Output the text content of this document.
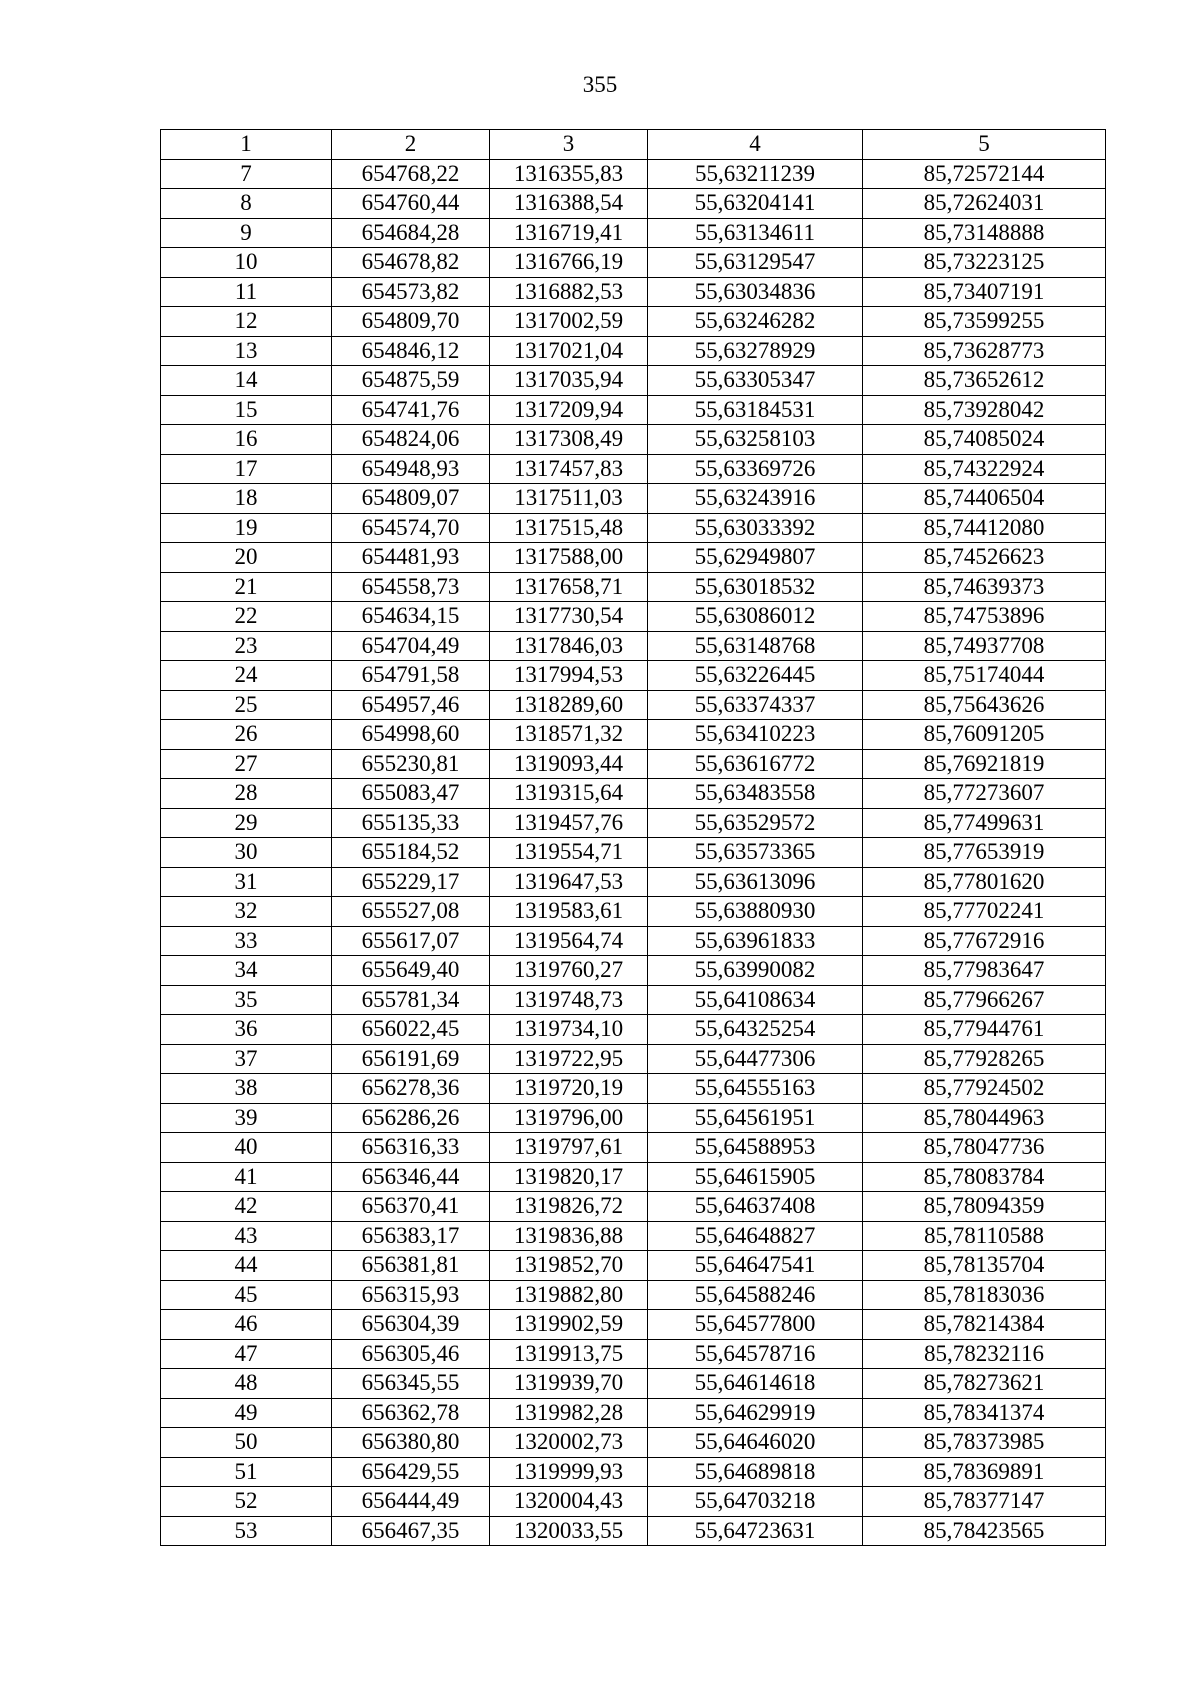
355
1	2	3	4	5
7	654768,22	1316355,83	55,63211239	85,72572144
8	654760,44	1316388,54	55,63204141	85,72624031
9	654684,28	1316719,41	55,63134611	85,73148888
10	654678,82	1316766,19	55,63129547	85,73223125
11	654573,82	1316882,53	55,63034836	85,73407191
12	654809,70	1317002,59	55,63246282	85,73599255
13	654846,12	1317021,04	55,63278929	85,73628773
14	654875,59	1317035,94	55,63305347	85,73652612
15	654741,76	1317209,94	55,63184531	85,73928042
16	654824,06	1317308,49	55,63258103	85,74085024
17	654948,93	1317457,83	55,63369726	85,74322924
18	654809,07	1317511,03	55,63243916	85,74406504
19	654574,70	1317515,48	55,63033392	85,74412080
20	654481,93	1317588,00	55,62949807	85,74526623
21	654558,73	1317658,71	55,63018532	85,74639373
22	654634,15	1317730,54	55,63086012	85,74753896
23	654704,49	1317846,03	55,63148768	85,74937708
24	654791,58	1317994,53	55,63226445	85,75174044
25	654957,46	1318289,60	55,63374337	85,75643626
26	654998,60	1318571,32	55,63410223	85,76091205
27	655230,81	1319093,44	55,63616772	85,76921819
28	655083,47	1319315,64	55,63483558	85,77273607
29	655135,33	1319457,76	55,63529572	85,77499631
30	655184,52	1319554,71	55,63573365	85,77653919
31	655229,17	1319647,53	55,63613096	85,77801620
32	655527,08	1319583,61	55,63880930	85,77702241
33	655617,07	1319564,74	55,63961833	85,77672916
34	655649,40	1319760,27	55,63990082	85,77983647
35	655781,34	1319748,73	55,64108634	85,77966267
36	656022,45	1319734,10	55,64325254	85,77944761
37	656191,69	1319722,95	55,64477306	85,77928265
38	656278,36	1319720,19	55,64555163	85,77924502
39	656286,26	1319796,00	55,64561951	85,78044963
40	656316,33	1319797,61	55,64588953	85,78047736
41	656346,44	1319820,17	55,64615905	85,78083784
42	656370,41	1319826,72	55,64637408	85,78094359
43	656383,17	1319836,88	55,64648827	85,78110588
44	656381,81	1319852,70	55,64647541	85,78135704
45	656315,93	1319882,80	55,64588246	85,78183036
46	656304,39	1319902,59	55,64577800	85,78214384
47	656305,46	1319913,75	55,64578716	85,78232116
48	656345,55	1319939,70	55,64614618	85,78273621
49	656362,78	1319982,28	55,64629919	85,78341374
50	656380,80	1320002,73	55,64646020	85,78373985
51	656429,55	1319999,93	55,64689818	85,78369891
52	656444,49	1320004,43	55,64703218	85,78377147
53	656467,35	1320033,55	55,64723631	85,78423565
